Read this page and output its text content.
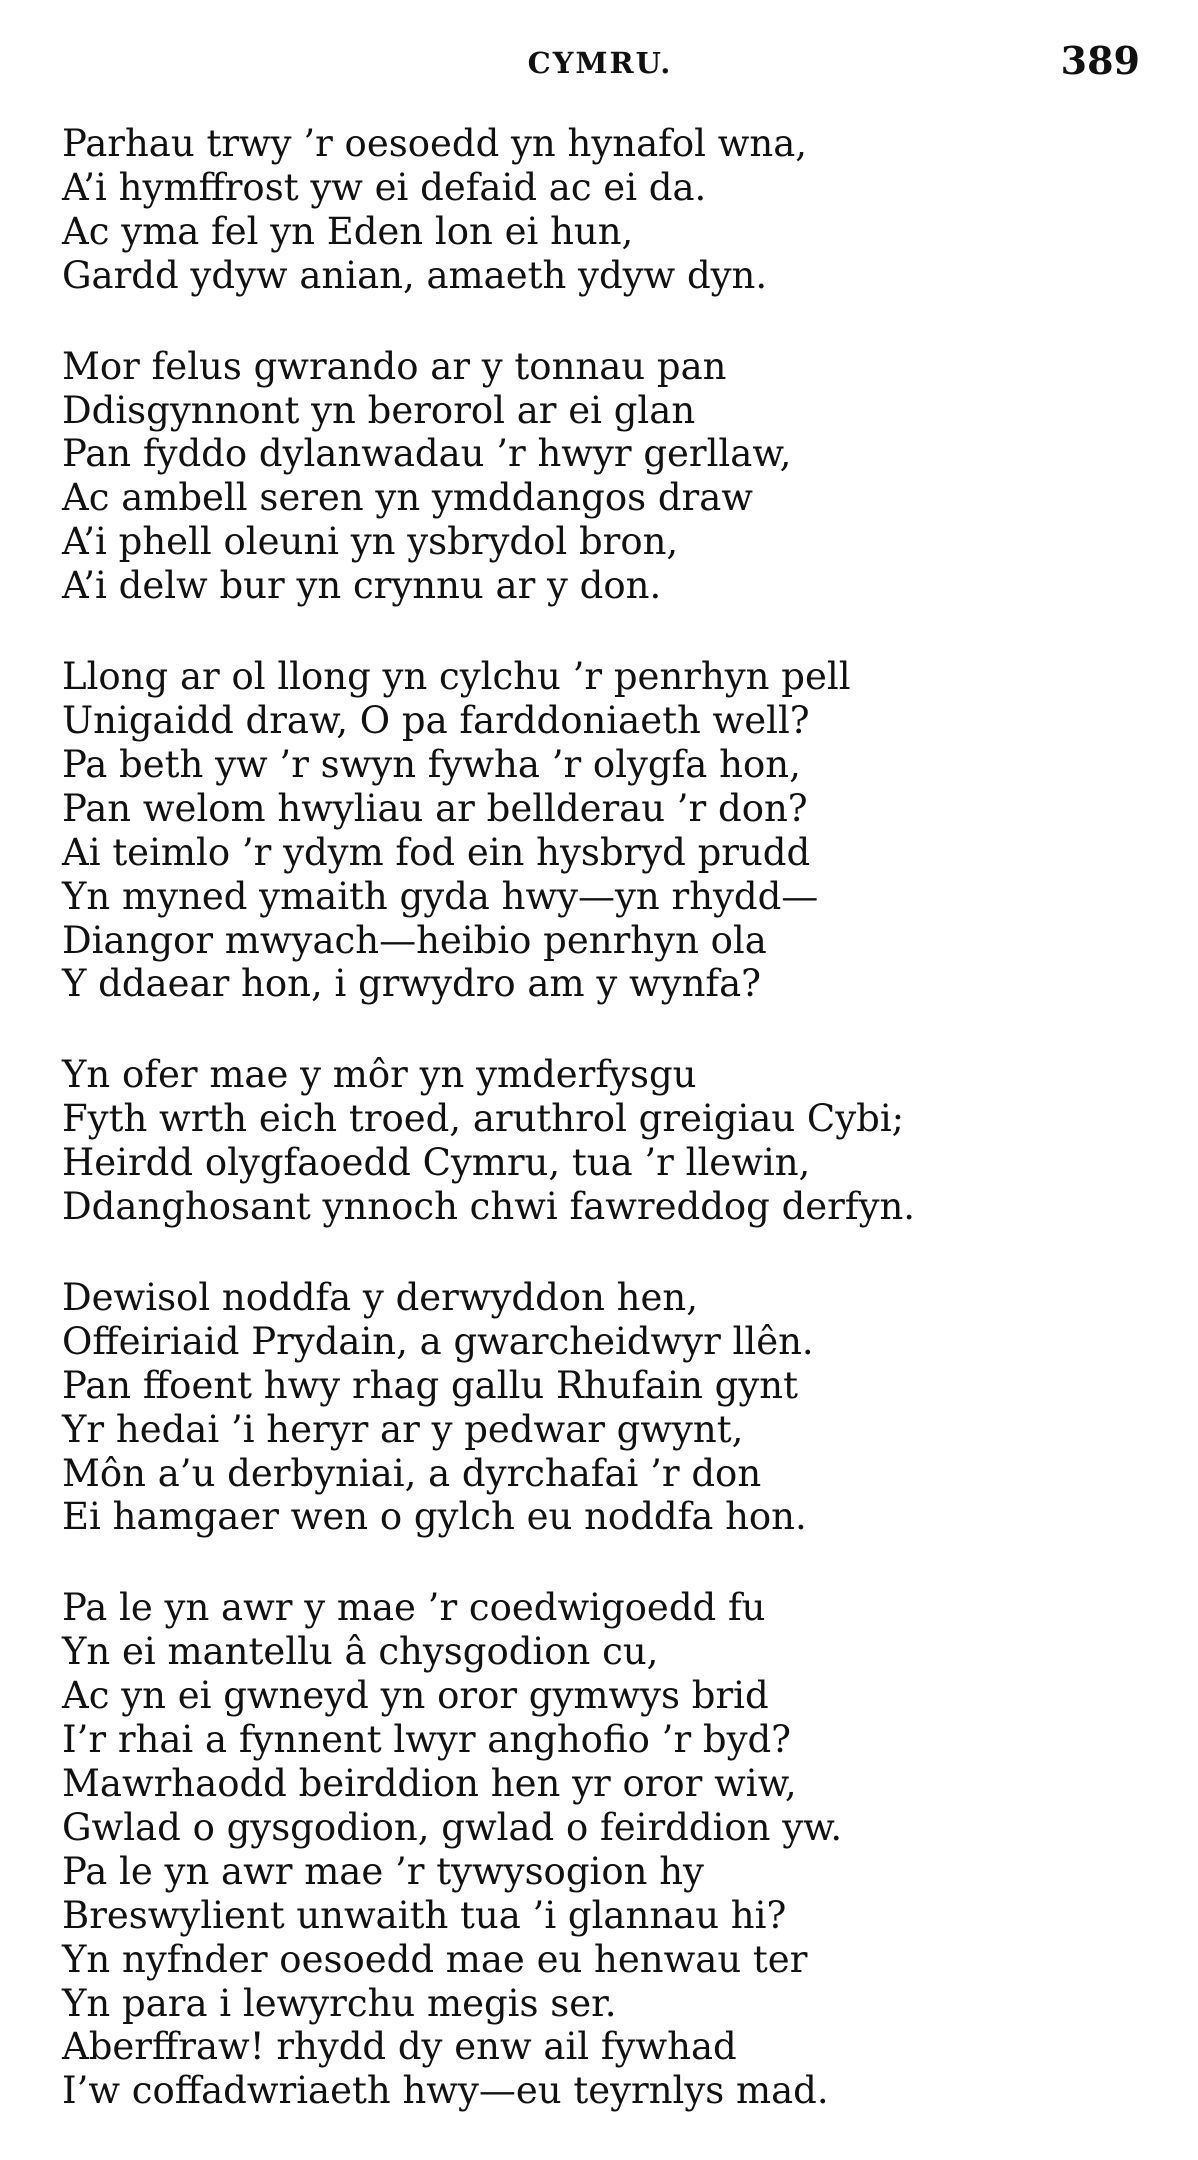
CYMRU.	389
Parhau trwy ’r oesoedd yn hynafol wna,
A’i hymffrost yw ei defaid ac ei da.
Ac yma fel yn Eden lon ei hun,
Gardd ydyw anian, amaeth ydyw dyn.
Mor felus gwrando ar y tonnau pan
Ddisgynnont yn berorol ar ei glan
Pan fyddo dylanwadau ’r hwyr gerllaw,
Ac ambell seren yn ymddangos draw
A’i phell oleuni yn ysbrydol bron,
A’i delw bur yn crynnu ar y don.
Llong ar ol llong yn cylchu ’r penrhyn pell
Unigaidd draw, O pa farddoniaeth well?
Pa beth yw ’r swyn fywha ’r olygfa hon,
Pan welom hwyliau ar bellderau ’r don?
Ai teimlo ’r ydym fod ein hysbryd prudd
Yn myned ymaith gyda hwy—yn rhydd—
Diangor mwyach—heibio penrhyn ola
Y ddaear hon, i grwydro am y wynfa?
Yn ofer mae y môr yn ymderfysgu
Fyth wrth eich troed, aruthrol greigiau Cybi;
Heirdd olygfaoedd Cymru, tua ’r llewin,
Ddanghosant ynnoch chwi fawreddog derfyn.
Dewisol noddfa y derwyddon hen,
Offeiriaid Prydain, a gwarcheidwyr llên.
Pan ffoent hwy rhag gallu Rhufain gynt
Yr hedai ’i heryr ar y pedwar gwynt,
Môn a’u derbyniai, a dyrchafai ’r don
Ei hamgaer wen o gylch eu noddfa hon.
Pa le yn awr y mae ’r coedwigoedd fu
Yn ei mantellu â chysgodion cu,
Ac yn ei gwneyd yn oror gymwys brid
I’r rhai a fynnent lwyr anghofio ’r byd?
Mawrhaodd beirddion hen yr oror wiw,
Gwlad o gysgodion, gwlad o feirddion yw.
Pa le yn awr mae ’r tywysogion hy
Breswylient unwaith tua ’i glannau hi?
Yn nyfnder oesoedd mae eu henwau ter
Yn para i lewyrchu megis ser.
Aberffraw! rhydd dy enw ail fywhad
I’w coffadwriaeth hwy—eu teyrnlys mad.
